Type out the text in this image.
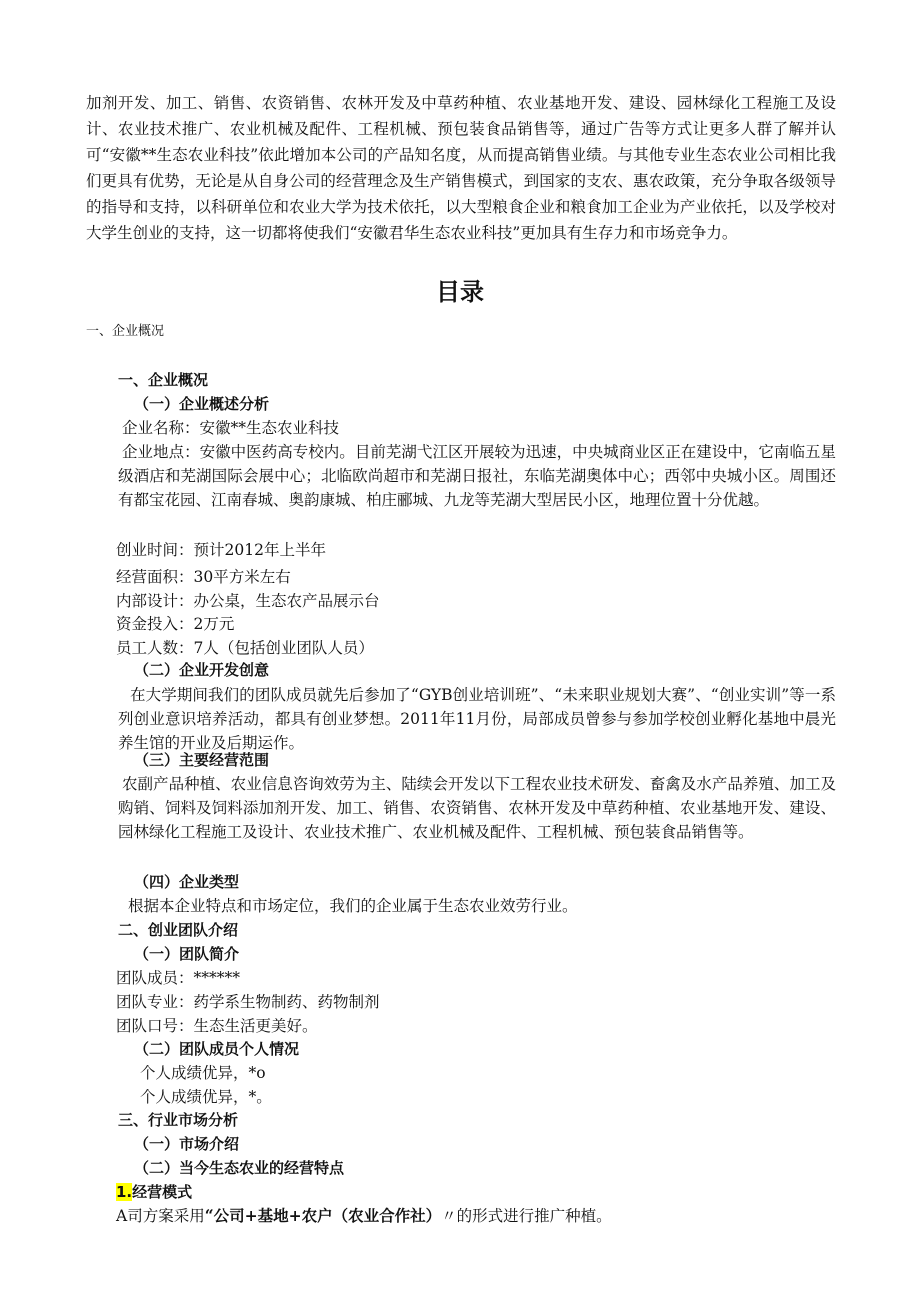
加剂开发、加工、销售、农资销售、农林开发及中草药种植、农业基地开发、建设、园林绿化工程施工及设计、农业技术推广、农业机械及配件、工程机械、预包装食品销售等，通过广告等方式让更多人群了解并认可“安徽**生态农业科技”依此增加本公司的产品知名度，从而提高销售业绩。与其他专业生态农业公司相比我们更具有优势，无论是从自身公司的经营理念及生产销售模式，到国家的支农、惠农政策，充分争取各级领导的指导和支持，以科研单位和农业大学为技术依托，以大型粮食企业和粮食加工企业为产业依托，以及学校对大学生创业的支持，这一切都将使我们“安徽君华生态农业科技”更加具有生存力和市场竞争力。

目录

一、企业概况

一、企业概况

（一）企业概述分析

企业名称：安徽**生态农业科技

企业地点：安徽中医药高专校内。目前芜湖弋江区开展较为迅速，中央城商业区正在建设中，它南临五星级酒店和芜湖国际会展中心；北临欧尚超市和芜湖日报社，东临芜湖奥体中心；西邻中央城小区。周围还有都宝花园、江南春城、奥韵康城、柏庄郦城、九龙等芜湖大型居民小区，地理位置十分优越。

创业时间：预计2012年上半年

经营面积：30平方米左右

内部设计：办公桌，生态农产品展示台

资金投入：2万元

员工人数：7人（包括创业团队人员）

（二）企业开发创意

在大学期间我们的团队成员就先后参加了“GYB创业培训班”、“未来职业规划大赛”、“创业实训”等一系列创业意识培养活动，都具有创业梦想。2011年11月份，局部成员曾参与参加学校创业孵化基地中晨光养生馆的开业及后期运作。

（三）主要经营范围

农副产品种植、农业信息咨询效劳为主、陆续会开发以下工程农业技术研发、畜禽及水产品养殖、加工及购销、饲料及饲料添加剂开发、加工、销售、农资销售、农林开发及中草药种植、农业基地开发、建设、园林绿化工程施工及设计、农业技术推广、农业机械及配件、工程机械、预包装食品销售等。

（四）企业类型

根据本企业特点和市场定位，我们的企业属于生态农业效劳行业。

二、创业团队介绍

（一）团队简介

团队成员：******

团队专业：药学系生物制药、药物制剂

团队口号：生态生活更美好。

（二）团队成员个人情况

个人成绩优异，*o

个人成绩优异，*。

三、行业市场分析

（一）市场介绍

（二）当今生态农业的经营特点

1.经营模式

A司方案采用“公司+基地+农户（农业合作社）〃的形式进行推广种植。
